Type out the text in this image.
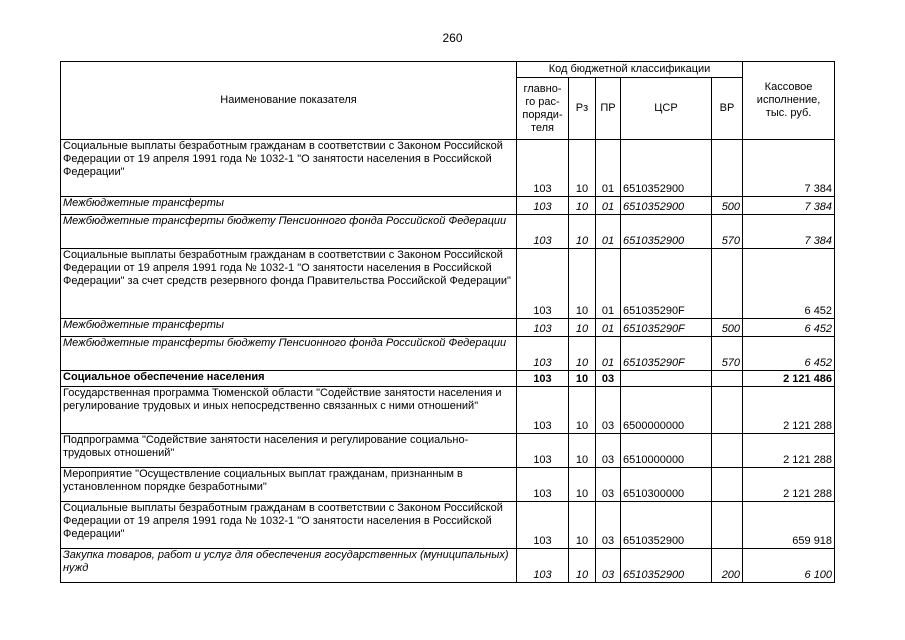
260
Наименование показателя	Код бюджетной классификации					Кассовое исполнение, тыс. руб.
	главно-го рас-поряди-теля	Рз	ПР	ЦСР	ВР	
Социальные выплаты безработным гражданам в соответствии с Законом Российской Федерации от 19 апреля 1991 года № 1032-1 "О занятости населения в Российской Федерации"	103	10	01	6510352900		7 384
Межбюджетные трансферты	103	10	01	6510352900	500	7 384
Межбюджетные трансферты бюджету Пенсионного фонда Российской Федерации	103	10	01	6510352900	570	7 384
Социальные выплаты безработным гражданам в соответствии с Законом Российской Федерации от 19 апреля 1991 года № 1032-1 "О занятости населения в Российской Федерации" за счет средств резервного фонда Правительства Российской Федерации"	103	10	01	651035290F		6 452
Межбюджетные трансферты	103	10	01	651035290F	500	6 452
Межбюджетные трансферты бюджету Пенсионного фонда Российской Федерации	103	10	01	651035290F	570	6 452
Социальное обеспечение населения	103	10	03			2 121 486
Государственная программа Тюменской области "Содействие занятости населения и регулирование трудовых и иных непосредственно связанных с ними отношений"	103	10	03	6500000000		2 121 288
Подпрограмма "Содействие занятости населения и регулирование социально-трудовых отношений"	103	10	03	6510000000		2 121 288
Мероприятие "Осуществление социальных выплат гражданам, признанным в установленном порядке безработными"	103	10	03	6510300000		2 121 288
Социальные выплаты безработным гражданам в соответствии с Законом Российской Федерации от 19 апреля 1991 года № 1032-1 "О занятости населения в Российской Федерации"	103	10	03	6510352900		659 918
Закупка товаров, работ и услуг для обеспечения государственных (муниципальных) нужд	103	10	03	6510352900	200	6 100
